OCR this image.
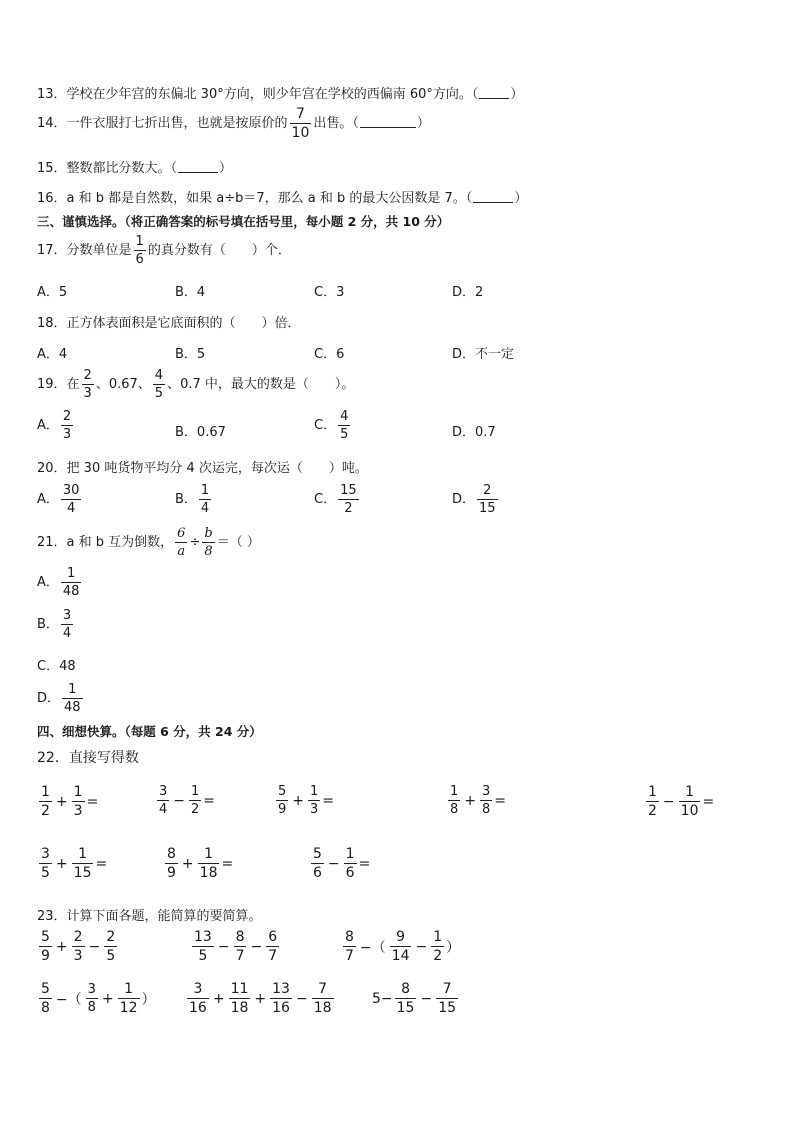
13．学校在少年宫的东偏北 30°方向，则少年宫在学校的西偏南 60°方向。（ ）
14．一件衣服打七折出售，也就是按原价的 $\frac{7}{10}$ 出售。（	）
15．整数都比分数大。（	）
16．a 和 b 都是自然数，如果 a÷b＝7，那么 a 和 b 的最大公因数是 7。（	）
三、谨慎选择。（将正确答案的标号填在括号里，每小题 2 分，共 10 分）
17．分数单位是 $\frac{1}{6}$ 的真分数有（　　）个．
A．5	B．4	C．3	D．2
18．正方体表面积是它底面积的（　　）倍．
A．4	B．5	C．6	D．不一定
19．在 $\frac{2}{3}$ 、0.67、 $\frac{4}{5}$ 、0.7 中，最大的数是（　　）。
A． $\frac{2}{3}$	B．0.67	C． $\frac{4}{5}$	D．0.7
20．把 30 吨货物平均分 4 次运完，每次运（　　）吨。
A． $\frac{30}{4}$	B． $\frac{1}{4}$	C． $\frac{15}{2}$	D． $\frac{2}{15}$
21．a 和 b 互为倒数， $\frac{6}{a} \div \frac{b}{8}$ ＝（ ）
A． $\frac{1}{48}$
B． $\frac{3}{4}$
C．48
D． $\frac{1}{48}$
四、细想快算。（每题 6 分，共 24 分）
22．直接写得数
$\frac{1}{2} + \frac{1}{3}$ =	$\frac{3}{4} - \frac{1}{2}$ =	$\frac{5}{9} + \frac{1}{3}$ =	$\frac{1}{8} + \frac{3}{8}$ =	$\frac{1}{2} - \frac{1}{10}$ =
$\frac{3}{5} + \frac{1}{15}$ =	$\frac{8}{9} + \frac{1}{18}$ =	$\frac{5}{6} - \frac{1}{6}$ =
23．计算下面各题，能简算的要简算。
$\frac{5}{9} + \frac{2}{3} - \frac{2}{5}$	$\frac{13}{5} - \frac{8}{7} - \frac{6}{7}$	$\frac{8}{7}$ −（ $\frac{9}{14} - \frac{1}{2}$ ）
$\frac{5}{8}$ −（ $\frac{3}{8} + \frac{1}{12}$ ） $\frac{3}{16} + \frac{11}{18} + \frac{13}{16} - \frac{7}{18}$	$5- \frac{8}{15} - \frac{7}{15}$
